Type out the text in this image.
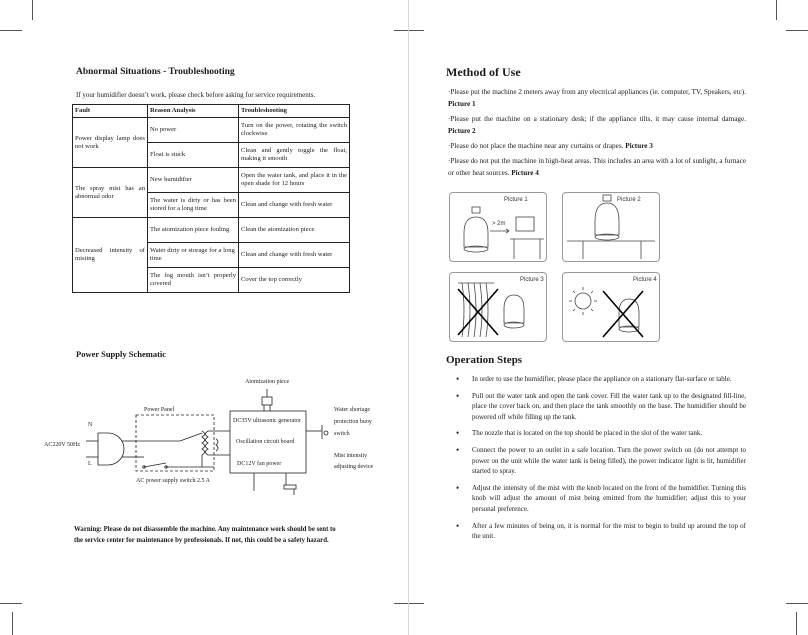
Abnormal Situations - Troubleshooting
If your humidifier doesn’t work, please check before asking for service requirements.
Fault	Reason Analysis	Troubleshooting
Power display lamp does not work	No power	Turn on the power, rotating the switch clockwise
	Float is stuck	Clean and gently toggle the float, making it smooth
The spray mist has an abnormal odor	New humidifier	Open the water tank, and place it in the open shade for 12 hours
	The water is dirty or has been stored for a long time	Clean and change with fresh water
Decreased intensity of misting	The atomization piece fouling	Clean the atomization piece
	Water dirty or storage for a long time	Clean and change with fresh water
	The fog mouth isn’t properly covered	Cover the top correctly
Power Supply Schematic
Atomization piece
Power Panel
DC35V ultrasonic generator
Oscillation circuit board
DC12V fan power
Water shortage
protection buoy
switch
Mist intensity
adjusting device
AC220V 50Hz
AC power supply switch 2.5 A
N
L
Warning: Please do not disassemble the machine. Any maintenance work should be sent to the service center for maintenance by professionals. If not, this could be a safety hazard.
Method of Use
·Please put the machine 2 meters away from any electrical appliances (ie. computer, TV, Speakers, etc). Picture 1
·Please put the machine on a stationary desk; if the appliance tilts, it may cause internal damage. Picture 2
·Please do not place the machine near any curtains or drapes. Picture 3
·Please do not put the machine in high-heat areas. This includes an area with a lot of sunlight, a furnace or other heat sources. Picture 4
Picture 1
> 2m
Picture 2
Picture 3	Picture 4
Operation Steps
• In order to use the humidifier, please place the appliance on a stationary flat-surface or table.
• Pull out the water tank and open the tank cover. Fill the water tank up to the designated fill-line, place the cover back on, and then place the tank smoothly on the base. The humidifier should be powered off while filling up the tank.
• The nozzle that is located on the top should be placed in the slot of the water tank.
• Connect the power to an outlet in a safe location. Turn the power switch on (do not attempt to power on the unit while the water tank is being filled), the power indicator light is lit, humidifier started to spray.
• Adjust the intensity of the mist with the knob located on the front of the humidifier. Turning this knob will adjust the amount of mist being emitted from the humidifier; adjust this to your personal preference.
• After a few minutes of being on, it is normal for the mist to begin to build up around the top of the unit.
